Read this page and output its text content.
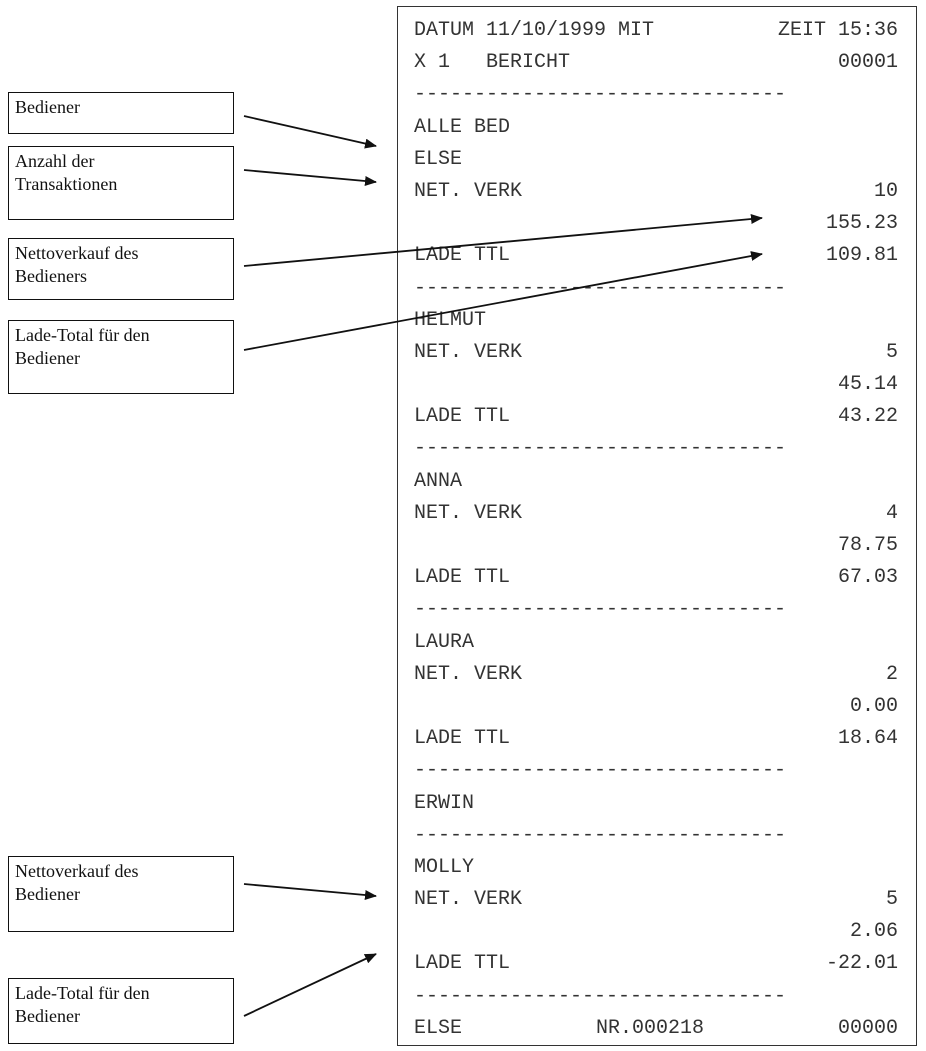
Bediener
Anzahl der
Transaktionen
Nettoverkauf des
Bedieners
Lade-Total für den
Bediener
Nettoverkauf des
Bediener
Lade-Total für den
Bediener
DATUM 11/10/1999 MIT	ZEIT 15:36
X 1   BERICHT	00001
-------------------------------
ALLE BED
ELSE
NET. VERK	10
155.23
LADE TTL	109.81
-------------------------------
HELMUT
NET. VERK	5
45.14
LADE TTL	43.22
-------------------------------
ANNA
NET. VERK	4
78.75
LADE TTL	67.03
-------------------------------
LAURA
NET. VERK	2
0.00
LADE TTL	18.64
-------------------------------
ERWIN
-------------------------------
MOLLY
NET. VERK	5
2.06
LADE TTL	-22.01
-------------------------------
ELSE	NR.000218	00000
